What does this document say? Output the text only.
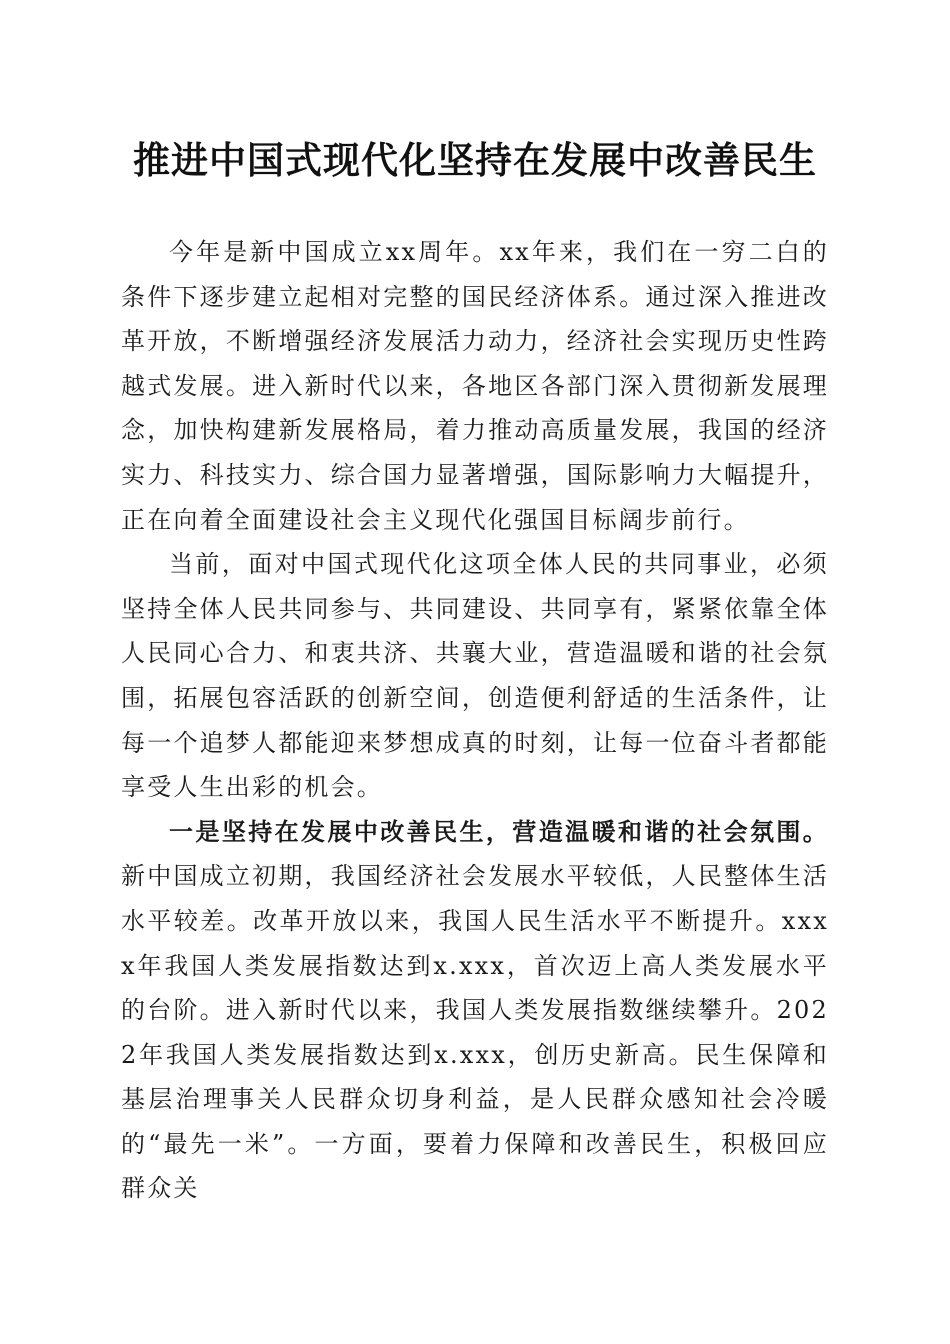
推进中国式现代化坚持在发展中改善民生

今年是新中国成立xx周年。xx年来，我们在一穷二白的条件下逐步建立起相对完整的国民经济体系。通过深入推进改革开放，不断增强经济发展活力动力，经济社会实现历史性跨越式发展。进入新时代以来，各地区各部门深入贯彻新发展理念，加快构建新发展格局，着力推动高质量发展，我国的经济实力、科技实力、综合国力显著增强，国际影响力大幅提升，正在向着全面建设社会主义现代化强国目标阔步前行。

当前，面对中国式现代化这项全体人民的共同事业，必须坚持全体人民共同参与、共同建设、共同享有，紧紧依靠全体人民同心合力、和衷共济、共襄大业，营造温暖和谐的社会氛围，拓展包容活跃的创新空间，创造便利舒适的生活条件，让每一个追梦人都能迎来梦想成真的时刻，让每一位奋斗者都能享受人生出彩的机会。

一是坚持在发展中改善民生，营造温暖和谐的社会氛围。新中国成立初期，我国经济社会发展水平较低，人民整体生活水平较差。改革开放以来，我国人民生活水平不断提升。xxxx年我国人类发展指数达到x.xxx，首次迈上高人类发展水平的台阶。进入新时代以来，我国人类发展指数继续攀升。2022年我国人类发展指数达到x.xxx，创历史新高。民生保障和基层治理事关人民群众切身利益，是人民群众感知社会冷暖的“最先一米”。一方面，要着力保障和改善民生，积极回应群众关
